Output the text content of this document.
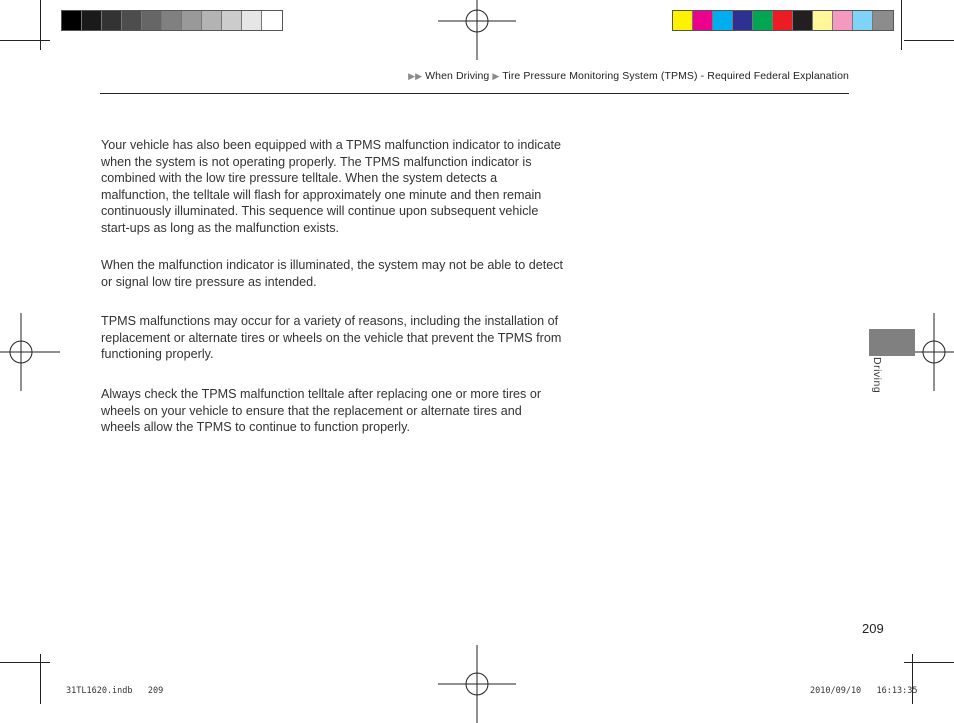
▶▶ When Driving ▶ Tire Pressure Monitoring System (TPMS) - Required Federal Explanation

Your vehicle has also been equipped with a TPMS malfunction indicator to indicate when the system is not operating properly. The TPMS malfunction indicator is combined with the low tire pressure telltale. When the system detects a malfunction, the telltale will flash for approximately one minute and then remain continuously illuminated. This sequence will continue upon subsequent vehicle start-ups as long as the malfunction exists.

When the malfunction indicator is illuminated, the system may not be able to detect or signal low tire pressure as intended.

TPMS malfunctions may occur for a variety of reasons, including the installation of replacement or alternate tires or wheels on the vehicle that prevent the TPMS from functioning properly.

Always check the TPMS malfunction telltale after replacing one or more tires or wheels on your vehicle to ensure that the replacement or alternate tires and wheels allow the TPMS to continue to function properly.

Driving
209
31TL1620.indb 209	2010/09/10 16:13:35
